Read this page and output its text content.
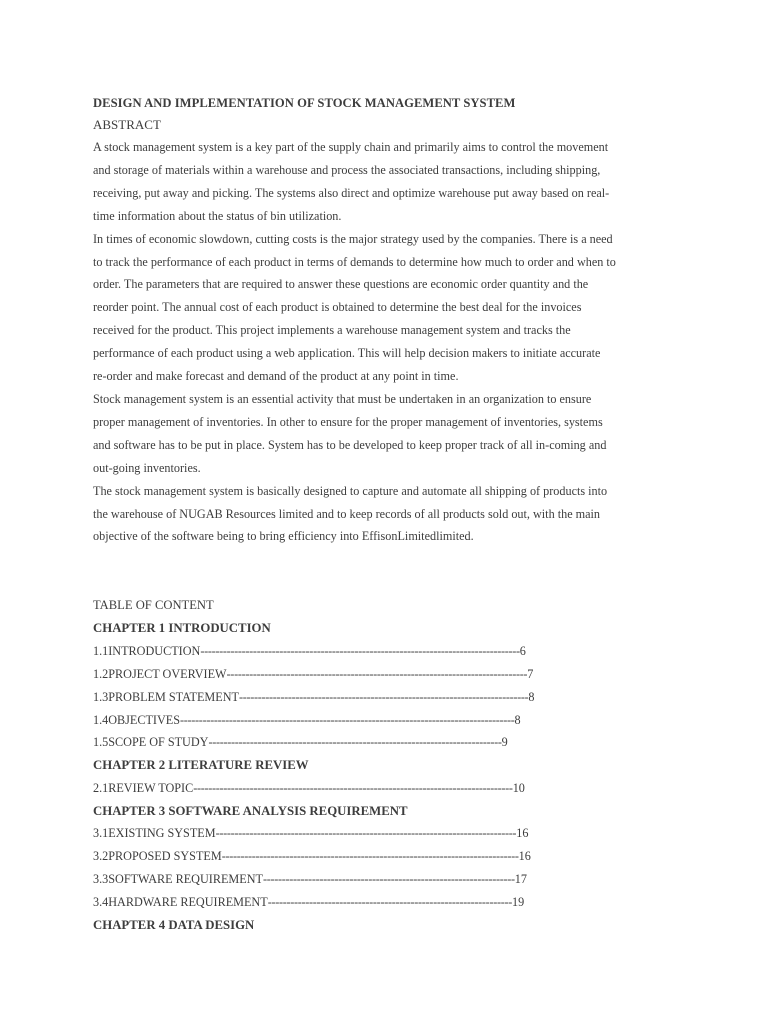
DESIGN AND IMPLEMENTATION OF STOCK MANAGEMENT SYSTEM
ABSTRACT
A stock management system is a key part of the supply chain and primarily aims to control the movement
and storage of materials within a warehouse and process the associated transactions, including shipping,
receiving, put away and picking. The systems also direct and optimize warehouse put away based on real-
time information about the status of bin utilization.
In times of economic slowdown, cutting costs is the major strategy used by the companies. There is a need
to track the performance of each product in terms of demands to determine how much to order and when to
order. The parameters that are required to answer these questions are economic order quantity and the
reorder point. The annual cost of each product is obtained to determine the best deal for the invoices
received for the product. This project implements a warehouse management system and tracks the
performance of each product using a web application. This will help decision makers to initiate accurate
re-order and make forecast and demand of the product at any point in time.
Stock management system is an essential activity that must be undertaken in an organization to ensure
proper management of inventories. In other to ensure for the proper management of inventories, systems
and software has to be put in place. System has to be developed to keep proper track of all in-coming and
out-going inventories.
The stock management system is basically designed to capture and automate all shipping of products into
the warehouse of NUGAB Resources limited and to keep records of all products sold out, with the main
objective of the software being to bring efficiency into EffisonLimitedlimited.
TABLE OF CONTENT
CHAPTER 1 INTRODUCTION
1.1 INTRODUCTION ------------------------------------------------------------------------------------- 6
1.2 PROJECT OVERVIEW -------------------------------------------------------------------------------- 7
1.3 PROBLEM STATEMENT ----------------------------------------------------------------------------- 8
1.4 OBJECTIVES ----------------------------------------------------------------------------------------- 8
1.5 SCOPE OF STUDY ------------------------------------------------------------------------------ 9
CHAPTER 2 LITERATURE REVIEW
2.1 REVIEW TOPIC ------------------------------------------------------------------------------------- 10
CHAPTER 3 SOFTWARE ANALYSIS REQUIREMENT
3.1 EXISTING SYSTEM -------------------------------------------------------------------------------- 16
3.2 PROPOSED SYSTEM ------------------------------------------------------------------------------- 16
3.3 SOFTWARE REQUIREMENT ------------------------------------------------------------------- 17
3.4 HARDWARE REQUIREMENT ----------------------------------------------------------------- 19
CHAPTER 4 DATA DESIGN
